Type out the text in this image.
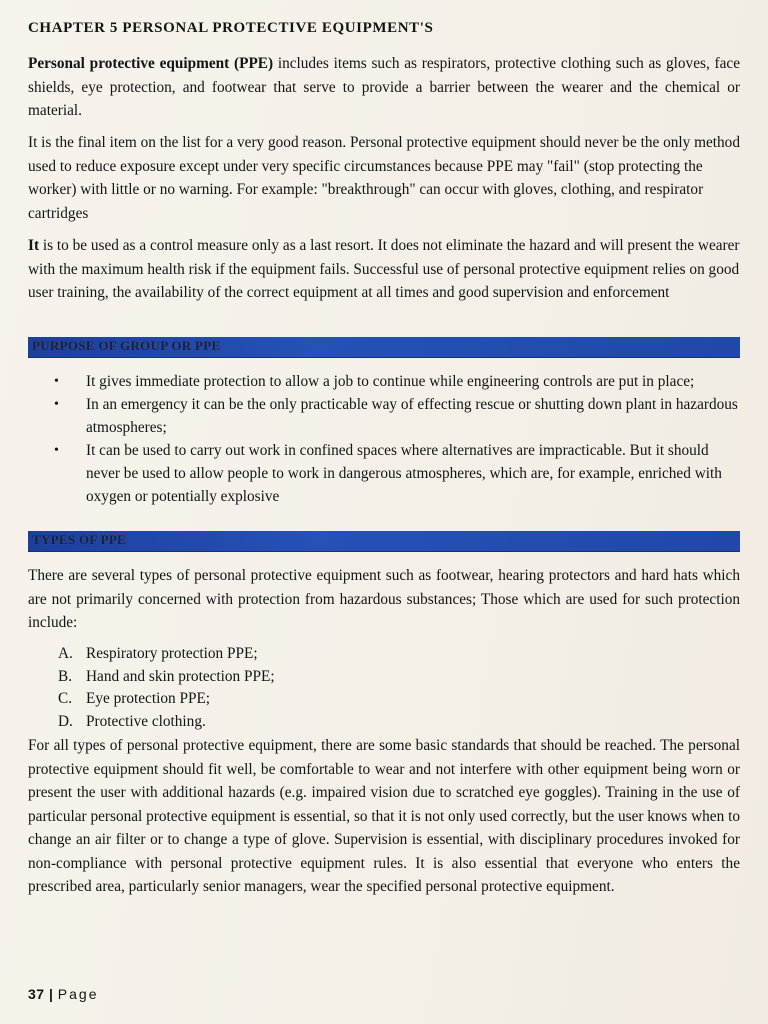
CHAPTER 5 PERSONAL PROTECTIVE EQUIPMENT'S

Personal protective equipment (PPE) includes items such as respirators, protective clothing such as gloves, face shields, eye protection, and footwear that serve to provide a barrier between the wearer and the chemical or material.

It is the final item on the list for a very good reason. Personal protective equipment should never be the only method used to reduce exposure except under very specific circumstances because PPE may "fail" (stop protecting the worker) with little or no warning. For example: "breakthrough" can occur with gloves, clothing, and respirator cartridges

It is to be used as a control measure only as a last resort. It does not eliminate the hazard and will present the wearer with the maximum health risk if the equipment fails. Successful use of personal protective equipment relies on good user training, the availability of the correct equipment at all times and good supervision and enforcement

PURPOSE OF GROUP OR PPE
• It gives immediate protection to allow a job to continue while engineering controls are put in place;
• In an emergency it can be the only practicable way of effecting rescue or shutting down plant in hazardous atmospheres;
• It can be used to carry out work in confined spaces where alternatives are impracticable. But it should never be used to allow people to work in dangerous atmospheres, which are, for example, enriched with oxygen or potentially explosive
TYPES OF PPE

There are several types of personal protective equipment such as footwear, hearing protectors and hard hats which are not primarily concerned with protection from hazardous substances; Those which are used for such protection include:

A. Respiratory protection PPE;
B. Hand and skin protection PPE;
C. Eye protection PPE;
D. Protective clothing.

For all types of personal protective equipment, there are some basic standards that should be reached. The personal protective equipment should fit well, be comfortable to wear and not interfere with other equipment being worn or present the user with additional hazards (e.g. impaired vision due to scratched eye goggles). Training in the use of particular personal protective equipment is essential, so that it is not only used correctly, but the user knows when to change an air filter or to change a type of glove. Supervision is essential, with disciplinary procedures invoked for non-compliance with personal protective equipment rules. It is also essential that everyone who enters the prescribed area, particularly senior managers, wear the specified personal protective equipment.

37 | Page
